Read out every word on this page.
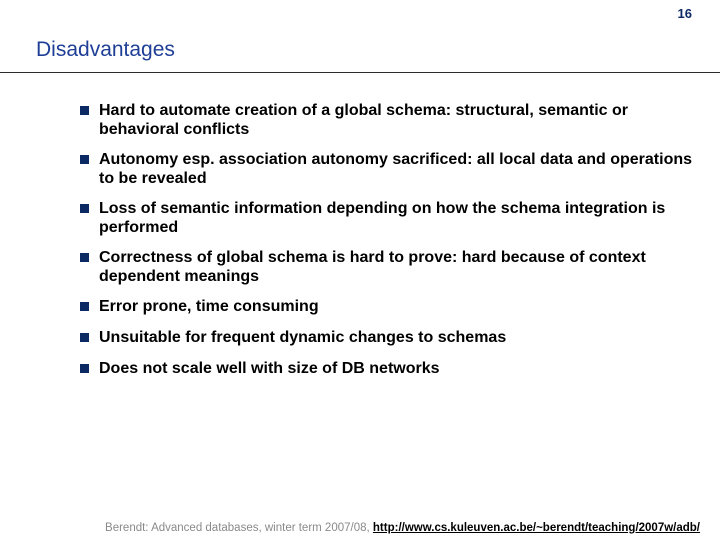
16
Disadvantages
Hard to automate creation of a global schema: structural, semantic or behavioral conflicts
Autonomy esp. association autonomy sacrificed: all local data and operations to be revealed
Loss of semantic information depending on how the schema integration is performed
Correctness of global schema is hard to prove: hard because of context dependent meanings
Error prone, time consuming
Unsuitable for frequent dynamic changes to schemas
Does not scale well with size of DB networks
Berendt: Advanced databases, winter term 2007/08, http://www.cs.kuleuven.ac.be/~berendt/teaching/2007w/adb/
